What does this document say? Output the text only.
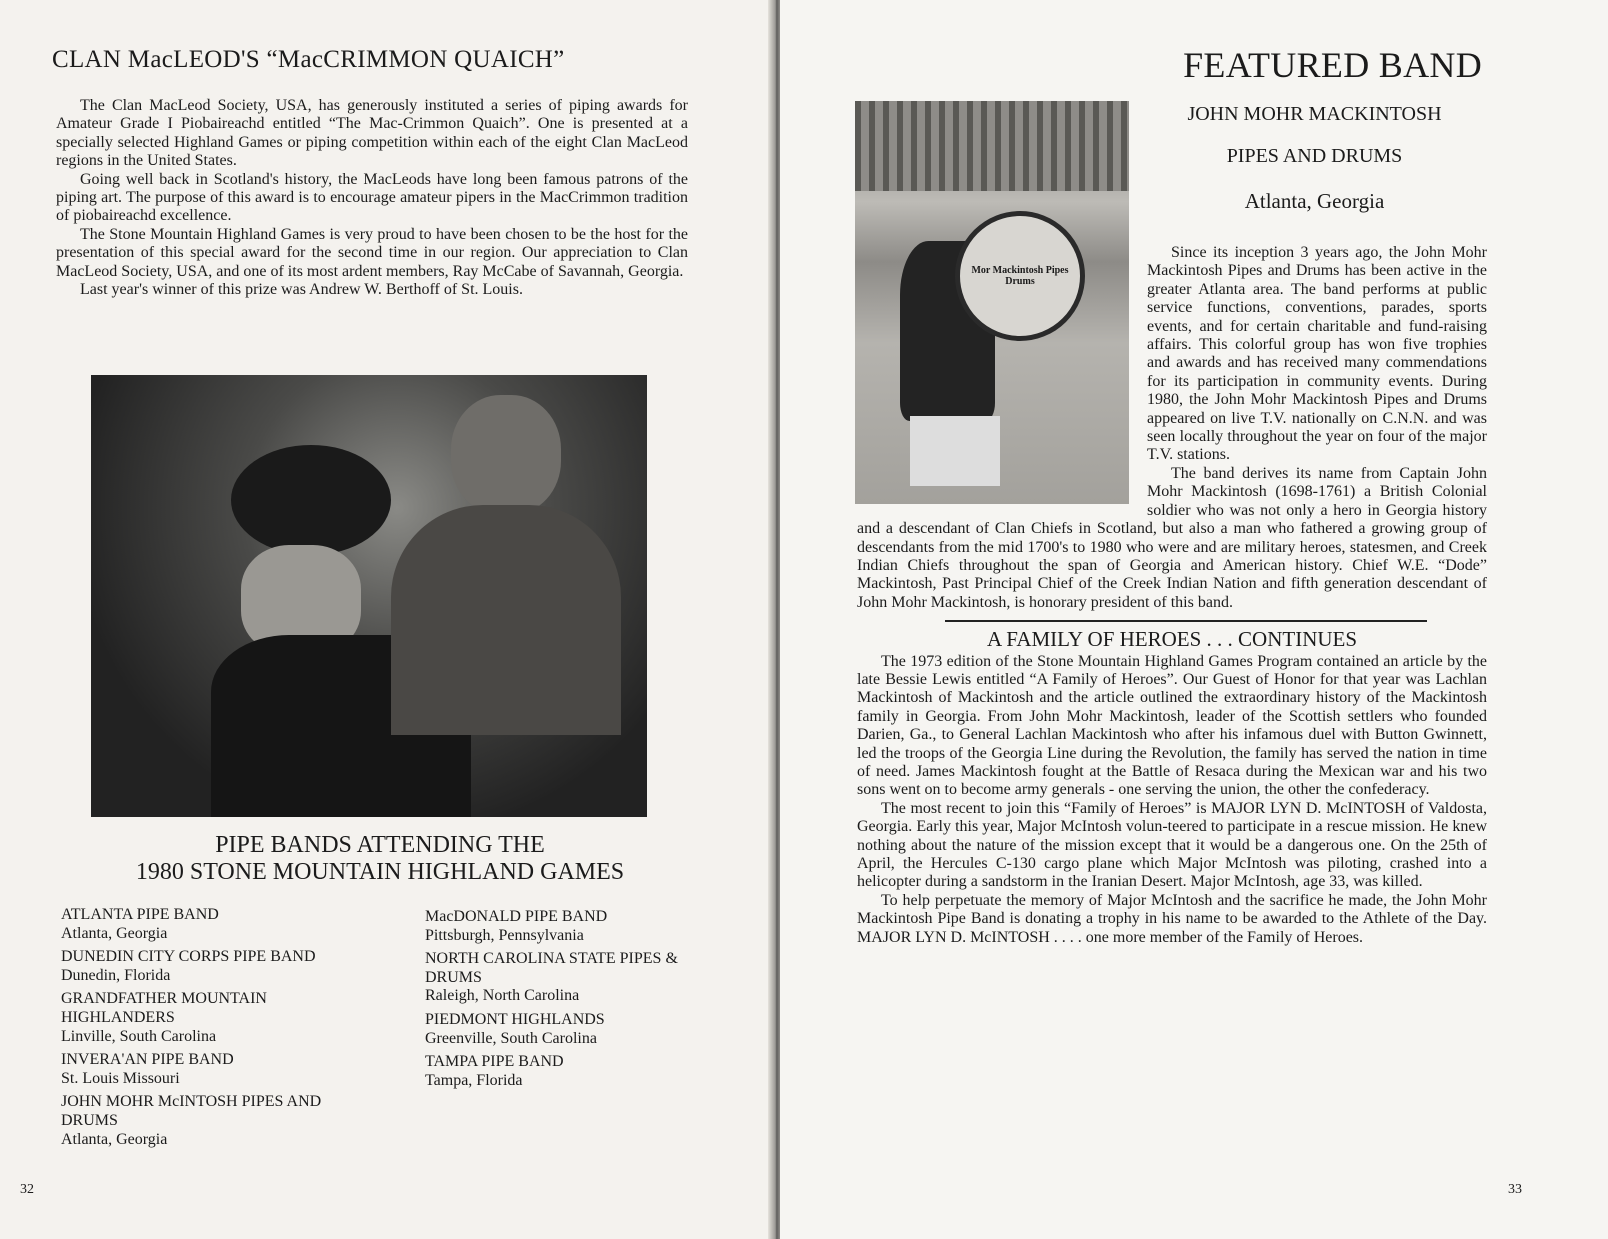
CLAN MacLEOD'S “MacCRIMMON QUAICH”

The Clan MacLeod Society, USA, has generously instituted a series of piping awards for Amateur Grade I Piobaireachd entitled “The Mac-Crimmon Quaich”. One is presented at a specially selected Highland Games or piping competition within each of the eight Clan MacLeod regions in the United States.

Going well back in Scotland's history, the MacLeods have long been famous patrons of the piping art. The purpose of this award is to encourage amateur pipers in the MacCrimmon tradition of piobaireachd excellence.

The Stone Mountain Highland Games is very proud to have been chosen to be the host for the presentation of this special award for the second time in our region. Our appreciation to Clan MacLeod Society, USA, and one of its most ardent members, Ray McCabe of Savannah, Georgia.

Last year's winner of this prize was Andrew W. Berthoff of St. Louis.

PIPE BANDS ATTENDING THE
1980 STONE MOUNTAIN HIGHLAND GAMES
ATLANTA PIPE BAND
Atlanta, Georgia
DUNEDIN CITY CORPS PIPE BAND
Dunedin, Florida
GRANDFATHER MOUNTAIN HIGHLANDERS
Linville, South Carolina
INVERA'AN PIPE BAND
St. Louis Missouri
JOHN MOHR McINTOSH PIPES AND DRUMS
Atlanta, Georgia
MacDONALD PIPE BAND
Pittsburgh, Pennsylvania
NORTH CAROLINA STATE PIPES & DRUMS
Raleigh, North Carolina
PIEDMONT HIGHLANDS
Greenville, South Carolina
TAMPA PIPE BAND
Tampa, Florida
32
FEATURED BAND
Mor Mackintosh Pipes Drums
JOHN MOHR MACKINTOSH
PIPES AND DRUMS
Atlanta, Georgia

Since its inception 3 years ago, the John Mohr Mackintosh Pipes and Drums has been active in the greater Atlanta area. The band performs at public service functions, conventions, parades, sports events, and for certain charitable and fund-raising affairs. This colorful group has won five trophies and awards and has received many commendations for its participation in community events. During 1980, the John Mohr Mackintosh Pipes and Drums appeared on live T.V. nationally on C.N.N. and was seen locally throughout the year on four of the major T.V. stations.

The band derives its name from Captain John Mohr Mackintosh (1698-1761) a British Colonial soldier who was not only a hero in Georgia history and a descendant of Clan Chiefs in Scotland, but also a man who fathered a growing group of descendants from the mid 1700's to 1980 who were and are military heroes, statesmen, and Creek Indian Chiefs throughout the span of Georgia and American history. Chief W.E. “Dode” Mackintosh, Past Principal Chief of the Creek Indian Nation and fifth generation descendant of John Mohr Mackintosh, is honorary president of this band.

A FAMILY OF HEROES . . . CONTINUES

The 1973 edition of the Stone Mountain Highland Games Program contained an article by the late Bessie Lewis entitled “A Family of Heroes”. Our Guest of Honor for that year was Lachlan Mackintosh of Mackintosh and the article outlined the extraordinary history of the Mackintosh family in Georgia. From John Mohr Mackintosh, leader of the Scottish settlers who founded Darien, Ga., to General Lachlan Mackintosh who after his infamous duel with Button Gwinnett, led the troops of the Georgia Line during the Revolution, the family has served the nation in time of need. James Mackintosh fought at the Battle of Resaca during the Mexican war and his two sons went on to become army generals - one serving the union, the other the confederacy.

The most recent to join this “Family of Heroes” is MAJOR LYN D. McINTOSH of Valdosta, Georgia. Early this year, Major McIntosh volun-teered to participate in a rescue mission. He knew nothing about the nature of the mission except that it would be a dangerous one. On the 25th of April, the Hercules C-130 cargo plane which Major McIntosh was piloting, crashed into a helicopter during a sandstorm in the Iranian Desert. Major McIntosh, age 33, was killed.

To help perpetuate the memory of Major McIntosh and the sacrifice he made, the John Mohr Mackintosh Pipe Band is donating a trophy in his name to be awarded to the Athlete of the Day. MAJOR LYN D. McINTOSH . . . . one more member of the Family of Heroes.

33
